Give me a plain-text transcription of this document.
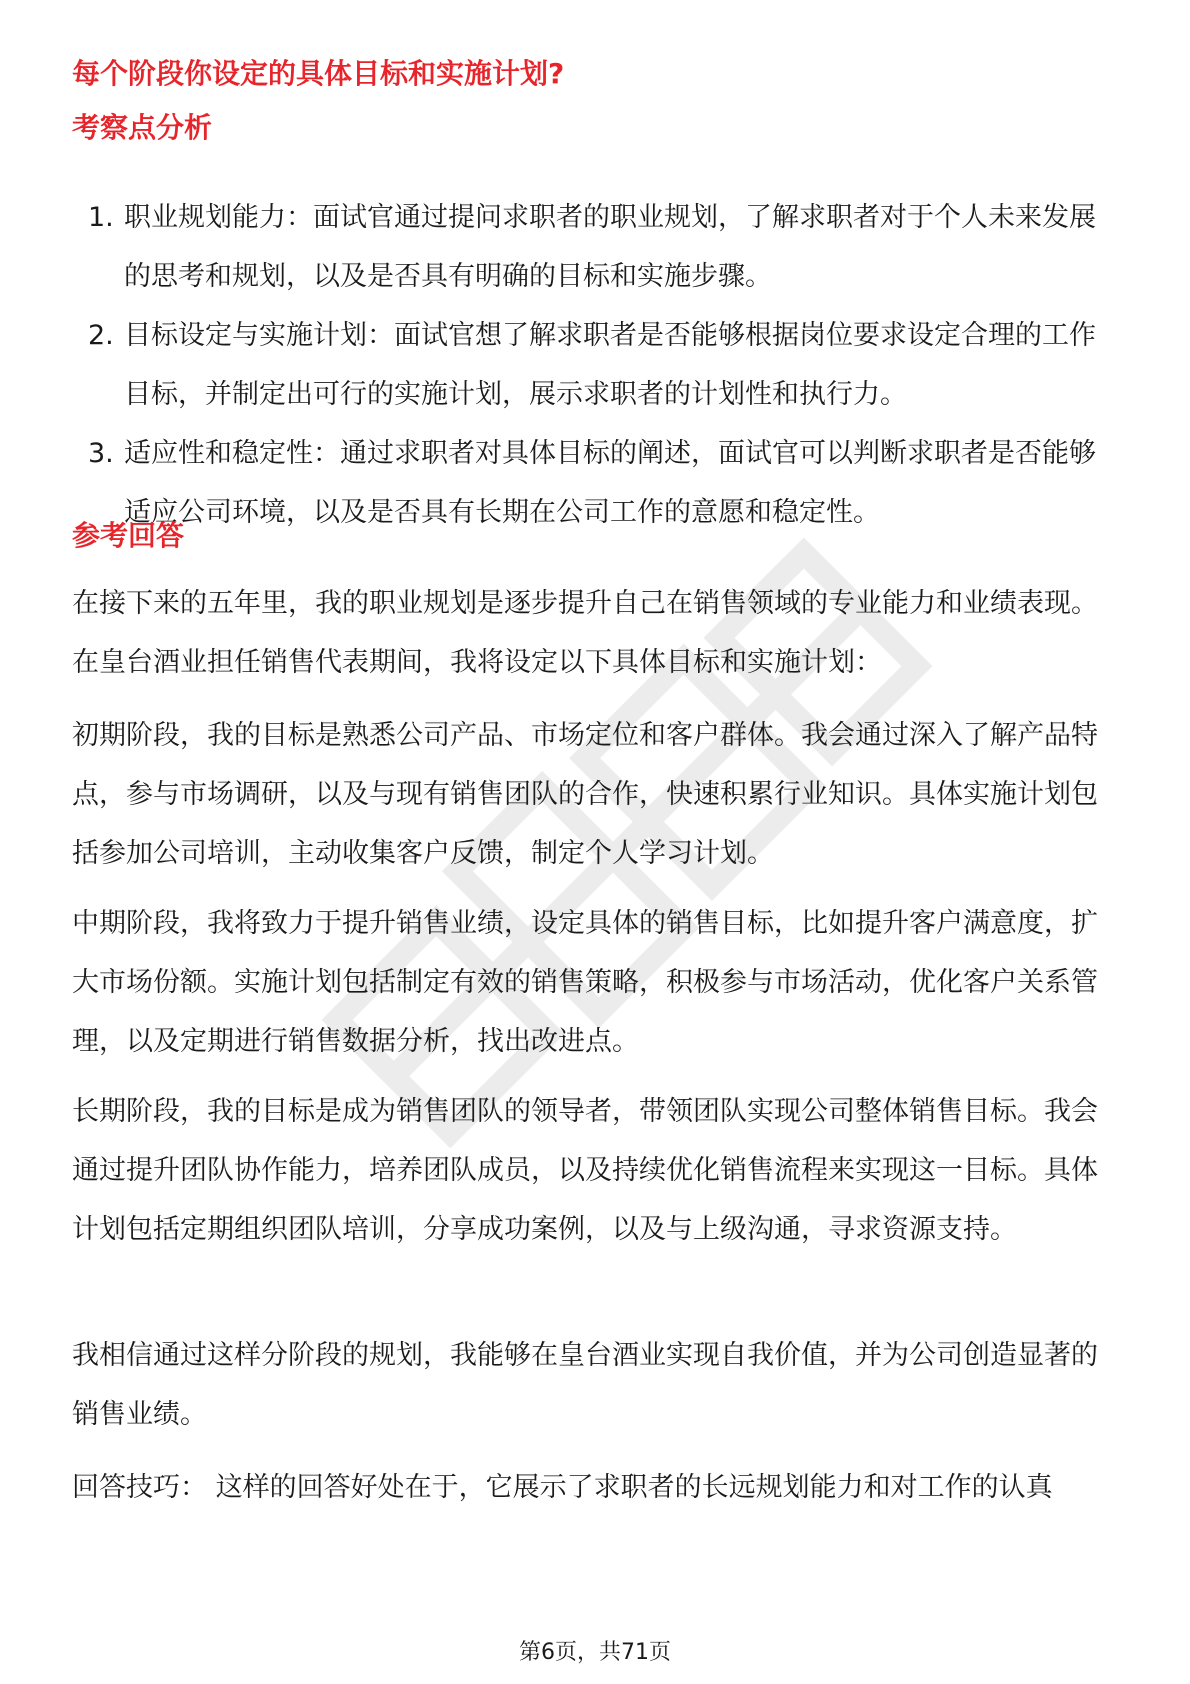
每个阶段你设定的具体目标和实施计划?
考察点分析
1. 职业规划能力：面试官通过提问求职者的职业规划，了解求职者对于个人未来发展的思考和规划，以及是否具有明确的目标和实施步骤。
2. 目标设定与实施计划：面试官想了解求职者是否能够根据岗位要求设定合理的工作目标，并制定出可行的实施计划，展示求职者的计划性和执行力。
3. 适应性和稳定性：通过求职者对具体目标的阐述，面试官可以判断求职者是否能够适应公司环境，以及是否具有长期在公司工作的意愿和稳定性。
参考回答

在接下来的五年里，我的职业规划是逐步提升自己在销售领域的专业能力和业绩表现。在皇台酒业担任销售代表期间，我将设定以下具体目标和实施计划：

初期阶段，我的目标是熟悉公司产品、市场定位和客户群体。我会通过深入了解产品特点，参与市场调研，以及与现有销售团队的合作，快速积累行业知识。具体实施计划包括参加公司培训，主动收集客户反馈，制定个人学习计划。

中期阶段，我将致力于提升销售业绩，设定具体的销售目标，比如提升客户满意度，扩大市场份额。实施计划包括制定有效的销售策略，积极参与市场活动，优化客户关系管理，以及定期进行销售数据分析，找出改进点。

长期阶段，我的目标是成为销售团队的领导者，带领团队实现公司整体销售目标。我会通过提升团队协作能力，培养团队成员，以及持续优化销售流程来实现这一目标。具体计划包括定期组织团队培训，分享成功案例，以及与上级沟通，寻求资源支持。

我相信通过这样分阶段的规划，我能够在皇台酒业实现自我价值，并为公司创造显著的销售业绩。

回答技巧： 这样的回答好处在于，它展示了求职者的长远规划能力和对工作的认真

第6页，共71页
